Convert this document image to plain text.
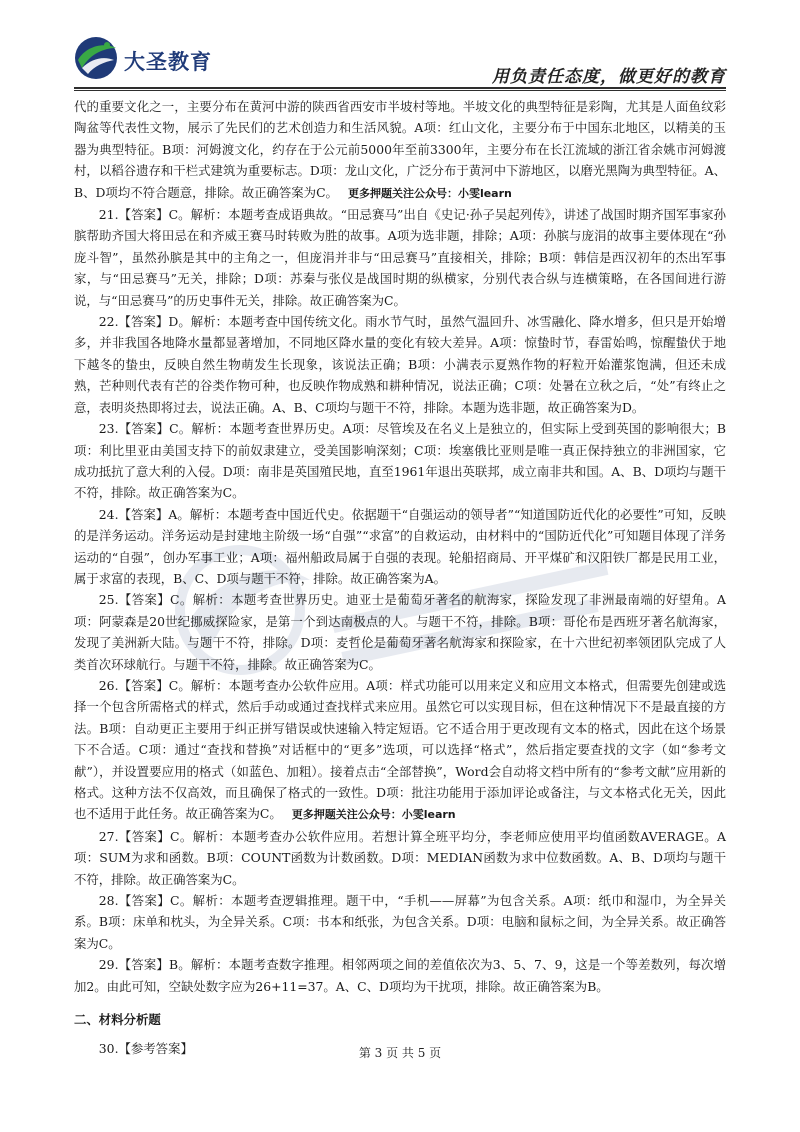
大圣教育
用负责任态度，做更好的教育

代的重要文化之一，主要分布在黄河中游的陕西省西安市半坡村等地。半坡文化的典型特征是彩陶，尤其是人面鱼纹彩陶盆等代表性文物，展示了先民们的艺术创造力和生活风貌。A项：红山文化，主要分布于中国东北地区，以精美的玉器为典型特征。B项：河姆渡文化，约存在于公元前5000年至前3300年，主要分布在长江流域的浙江省余姚市河姆渡村，以稻谷遗存和干栏式建筑为重要标志。D项：龙山文化，广泛分布于黄河中下游地区，以磨光黑陶为典型特征。A、B、D项均不符合题意，排除。故正确答案为C。 更多押题关注公众号：小雯learn

21.【答案】C。解析：本题考查成语典故。“田忌赛马”出自《史记·孙子吴起列传》，讲述了战国时期齐国军事家孙膑帮助齐国大将田忌在和齐威王赛马时转败为胜的故事。A项为选非题，排除；A项：孙膑与庞涓的故事主要体现在“孙庞斗智”，虽然孙膑是其中的主角之一，但庞涓并非与“田忌赛马”直接相关，排除；B项：韩信是西汉初年的杰出军事家，与“田忌赛马”无关，排除；D项：苏秦与张仪是战国时期的纵横家，分别代表合纵与连横策略，在各国间进行游说，与“田忌赛马”的历史事件无关，排除。故正确答案为C。

22.【答案】D。解析：本题考查中国传统文化。雨水节气时，虽然气温回升、冰雪融化、降水增多，但只是开始增多，并非我国各地降水量都显著增加，不同地区降水量的变化有较大差异。A项：惊蛰时节，春雷始鸣，惊醒蛰伏于地下越冬的蛰虫，反映自然生物萌发生长现象，该说法正确；B项：小满表示夏熟作物的籽粒开始灌浆饱满，但还未成熟，芒种则代表有芒的谷类作物可种，也反映作物成熟和耕种情况，说法正确；C项：处暑在立秋之后，“处”有终止之意，表明炎热即将过去，说法正确。A、B、C项均与题干不符，排除。本题为选非题，故正确答案为D。

23.【答案】C。解析：本题考查世界历史。A项：尽管埃及在名义上是独立的，但实际上受到英国的影响很大；B项：利比里亚由美国支持下的前奴隶建立，受美国影响深刻；C项：埃塞俄比亚则是唯一真正保持独立的非洲国家，它成功抵抗了意大利的入侵。D项：南非是英国殖民地，直至1961年退出英联邦，成立南非共和国。A、B、D项均与题干不符，排除。故正确答案为C。

24.【答案】A。解析：本题考查中国近代史。依据题干“自强运动的领导者”“知道国防近代化的必要性”可知，反映的是洋务运动。洋务运动是封建地主阶级一场“自强”“求富”的自救运动，由材料中的“国防近代化”可知题目体现了洋务运动的“自强”，创办军事工业；A项：福州船政局属于自强的表现。轮船招商局、开平煤矿和汉阳铁厂都是民用工业，属于求富的表现，B、C、D项与题干不符，排除。故正确答案为A。

25.【答案】C。解析：本题考查世界历史。迪亚士是葡萄牙著名的航海家，探险发现了非洲最南端的好望角。A项：阿蒙森是20世纪挪威探险家，是第一个到达南极点的人。与题干不符，排除。B项：哥伦布是西班牙著名航海家，发现了美洲新大陆。与题干不符，排除。D项：麦哲伦是葡萄牙著名航海家和探险家，在十六世纪初率领团队完成了人类首次环球航行。与题干不符，排除。故正确答案为C。

26.【答案】C。解析：本题考查办公软件应用。A项：样式功能可以用来定义和应用文本格式，但需要先创建或选择一个包含所需格式的样式，然后手动或通过查找样式来应用。虽然它可以实现目标，但在这种情况下不是最直接的方法。B项：自动更正主要用于纠正拼写错误或快速输入特定短语。它不适合用于更改现有文本的格式，因此在这个场景下不合适。C项：通过“查找和替换”对话框中的“更多”选项，可以选择“格式”，然后指定要查找的文字（如“参考文献”），并设置要应用的格式（如蓝色、加粗）。接着点击“全部替换”，Word会自动将文档中所有的“参考文献”应用新的格式。这种方法不仅高效，而且确保了格式的一致性。D项：批注功能用于添加评论或备注，与文本格式化无关，因此也不适用于此任务。故正确答案为C。 更多押题关注公众号：小雯learn

27.【答案】C。解析：本题考查办公软件应用。若想计算全班平均分，李老师应使用平均值函数AVERAGE。A项：SUM为求和函数。B项：COUNT函数为计数函数。D项：MEDIAN函数为求中位数函数。A、B、D项均与题干不符，排除。故正确答案为C。

28.【答案】C。解析：本题考查逻辑推理。题干中，“手机——屏幕”为包含关系。A项：纸巾和湿巾，为全异关系。B项：床单和枕头，为全异关系。C项：书本和纸张，为包含关系。D项：电脑和鼠标之间，为全异关系。故正确答案为C。

29.【答案】B。解析：本题考查数字推理。相邻两项之间的差值依次为3、5、7、9，这是一个等差数列，每次增加2。由此可知，空缺处数字应为26+11=37。A、C、D项均为干扰项，排除。故正确答案为B。

二、材料分析题

30.【参考答案】	第 3 页 共 5 页
